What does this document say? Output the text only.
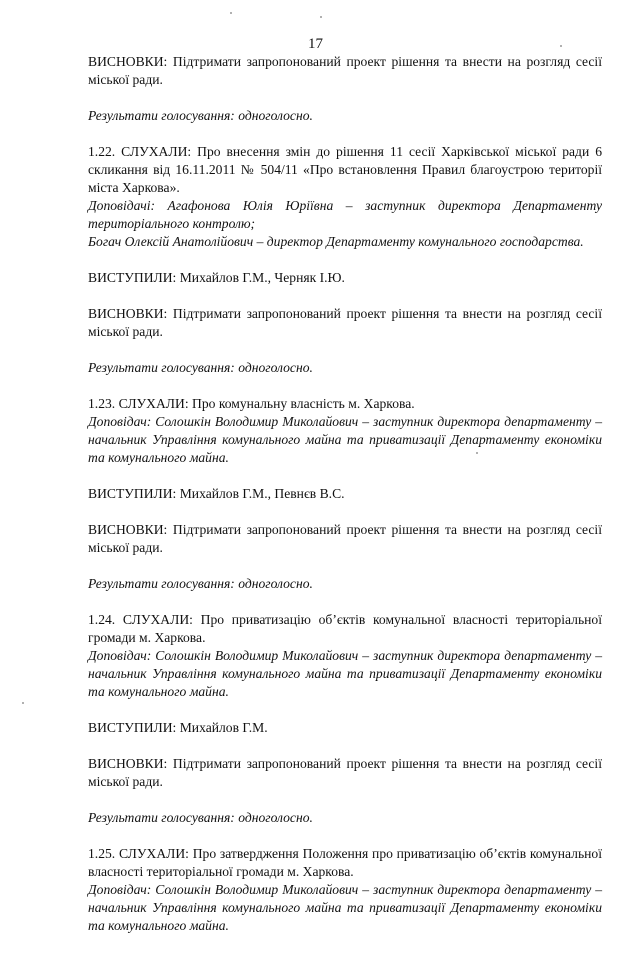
17

ВИСНОВКИ: Підтримати запропонований проект рішення та внести на розгляд сесії міської ради.

Результати голосування: одноголосно.

1.22. СЛУХАЛИ: Про внесення змін до рішення 11 сесії Харківської міської ради 6 скликання від 16.11.2011 № 504/11 «Про встановлення Правил благоустрою території міста Харкова».

Доповідачі: Агафонова Юлія Юріївна – заступник директора Департаменту територіального контролю;
Богач Олексій Анатолійович – директор Департаменту комунального господарства.

ВИСТУПИЛИ: Михайлов Г.М., Черняк І.Ю.

ВИСНОВКИ: Підтримати запропонований проект рішення та внести на розгляд сесії міської ради.

Результати голосування: одноголосно.

1.23. СЛУХАЛИ: Про комунальну власність м. Харкова.

Доповідач: Солошкін Володимир Миколайович – заступник директора департаменту – начальник Управління комунального майна та приватизації Департаменту економіки та комунального майна.

ВИСТУПИЛИ: Михайлов Г.М., Певнєв В.С.

ВИСНОВКИ: Підтримати запропонований проект рішення та внести на розгляд сесії міської ради.

Результати голосування: одноголосно.

1.24. СЛУХАЛИ: Про приватизацію об’єктів комунальної власності територіальної громади м. Харкова.

Доповідач: Солошкін Володимир Миколайович – заступник директора департаменту – начальник Управління комунального майна та приватизації Департаменту економіки та комунального майна.

ВИСТУПИЛИ: Михайлов Г.М.

ВИСНОВКИ: Підтримати запропонований проект рішення та внести на розгляд сесії міської ради.

Результати голосування: одноголосно.

1.25. СЛУХАЛИ: Про затвердження Положення про приватизацію об’єктів комунальної власності територіальної громади м. Харкова.

Доповідач: Солошкін Володимир Миколайович – заступник директора департаменту – начальник Управління комунального майна та приватизації Департаменту економіки та комунального майна.
